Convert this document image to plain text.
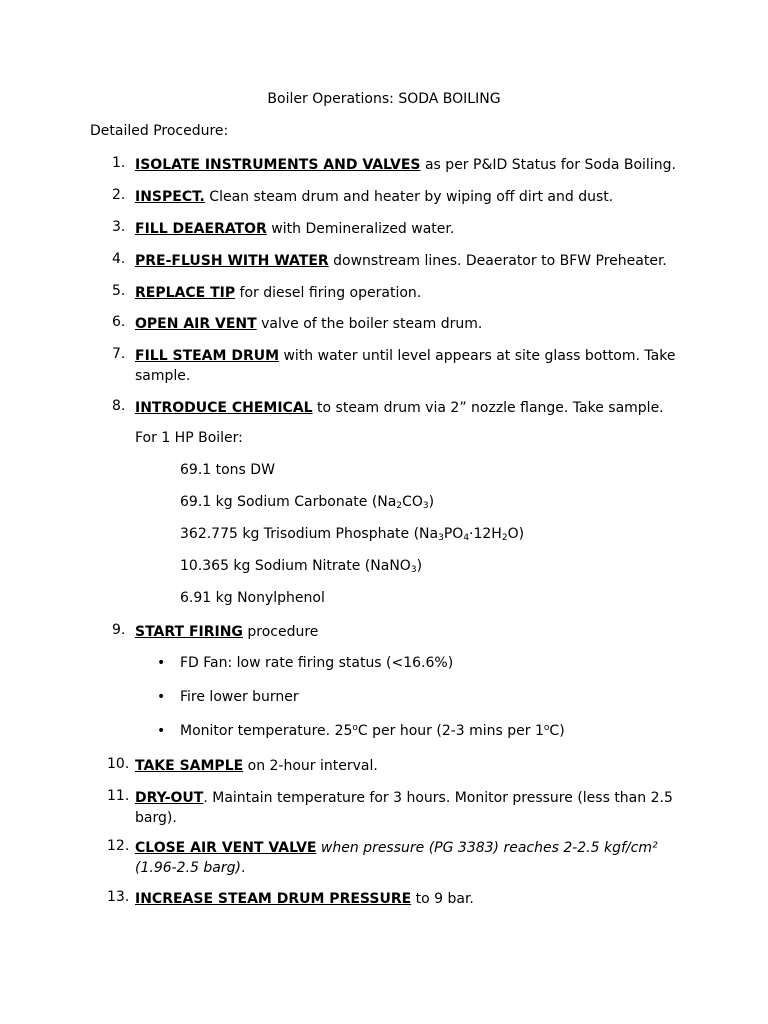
Boiler Operations: SODA BOILING
Detailed Procedure:
1. ISOLATE INSTRUMENTS AND VALVES as per P&ID Status for Soda Boiling.
2. INSPECT. Clean steam drum and heater by wiping off dirt and dust.
3. FILL DEAERATOR with Demineralized water.
4. PRE-FLUSH WITH WATER downstream lines. Deaerator to BFW Preheater.
5. REPLACE TIP for diesel firing operation.
6. OPEN AIR VENT valve of the boiler steam drum.
7. FILL STEAM DRUM with water until level appears at site glass bottom. Take sample.
8. INTRODUCE CHEMICAL to steam drum via 2” nozzle flange. Take sample.
For 1 HP Boiler:
69.1 tons DW
69.1 kg Sodium Carbonate $(Na_2CO_3)$
362.775 kg Trisodium Phosphate $(Na_3PO_4\cdot 12H_2O)$
10.365 kg Sodium Nitrate (NaNO$_3$)
6.91 kg Nonylphenol
9. START FIRING procedure
• FD Fan: low rate firing status (<16.6%)
• Fire lower burner
• Monitor temperature. 25$^o$C per hour (2-3 mins per 1$^o$C)
10. TAKE SAMPLE on 2-hour interval.
11. DRY-OUT. Maintain temperature for 3 hours. Monitor pressure (less than 2.5 barg).
12. CLOSE AIR VENT VALVE when pressure (PG 3383) reaches 2-2.5 kgf/cm² (1.96-2.5 barg).
13. INCREASE STEAM DRUM PRESSURE to 9 bar.
